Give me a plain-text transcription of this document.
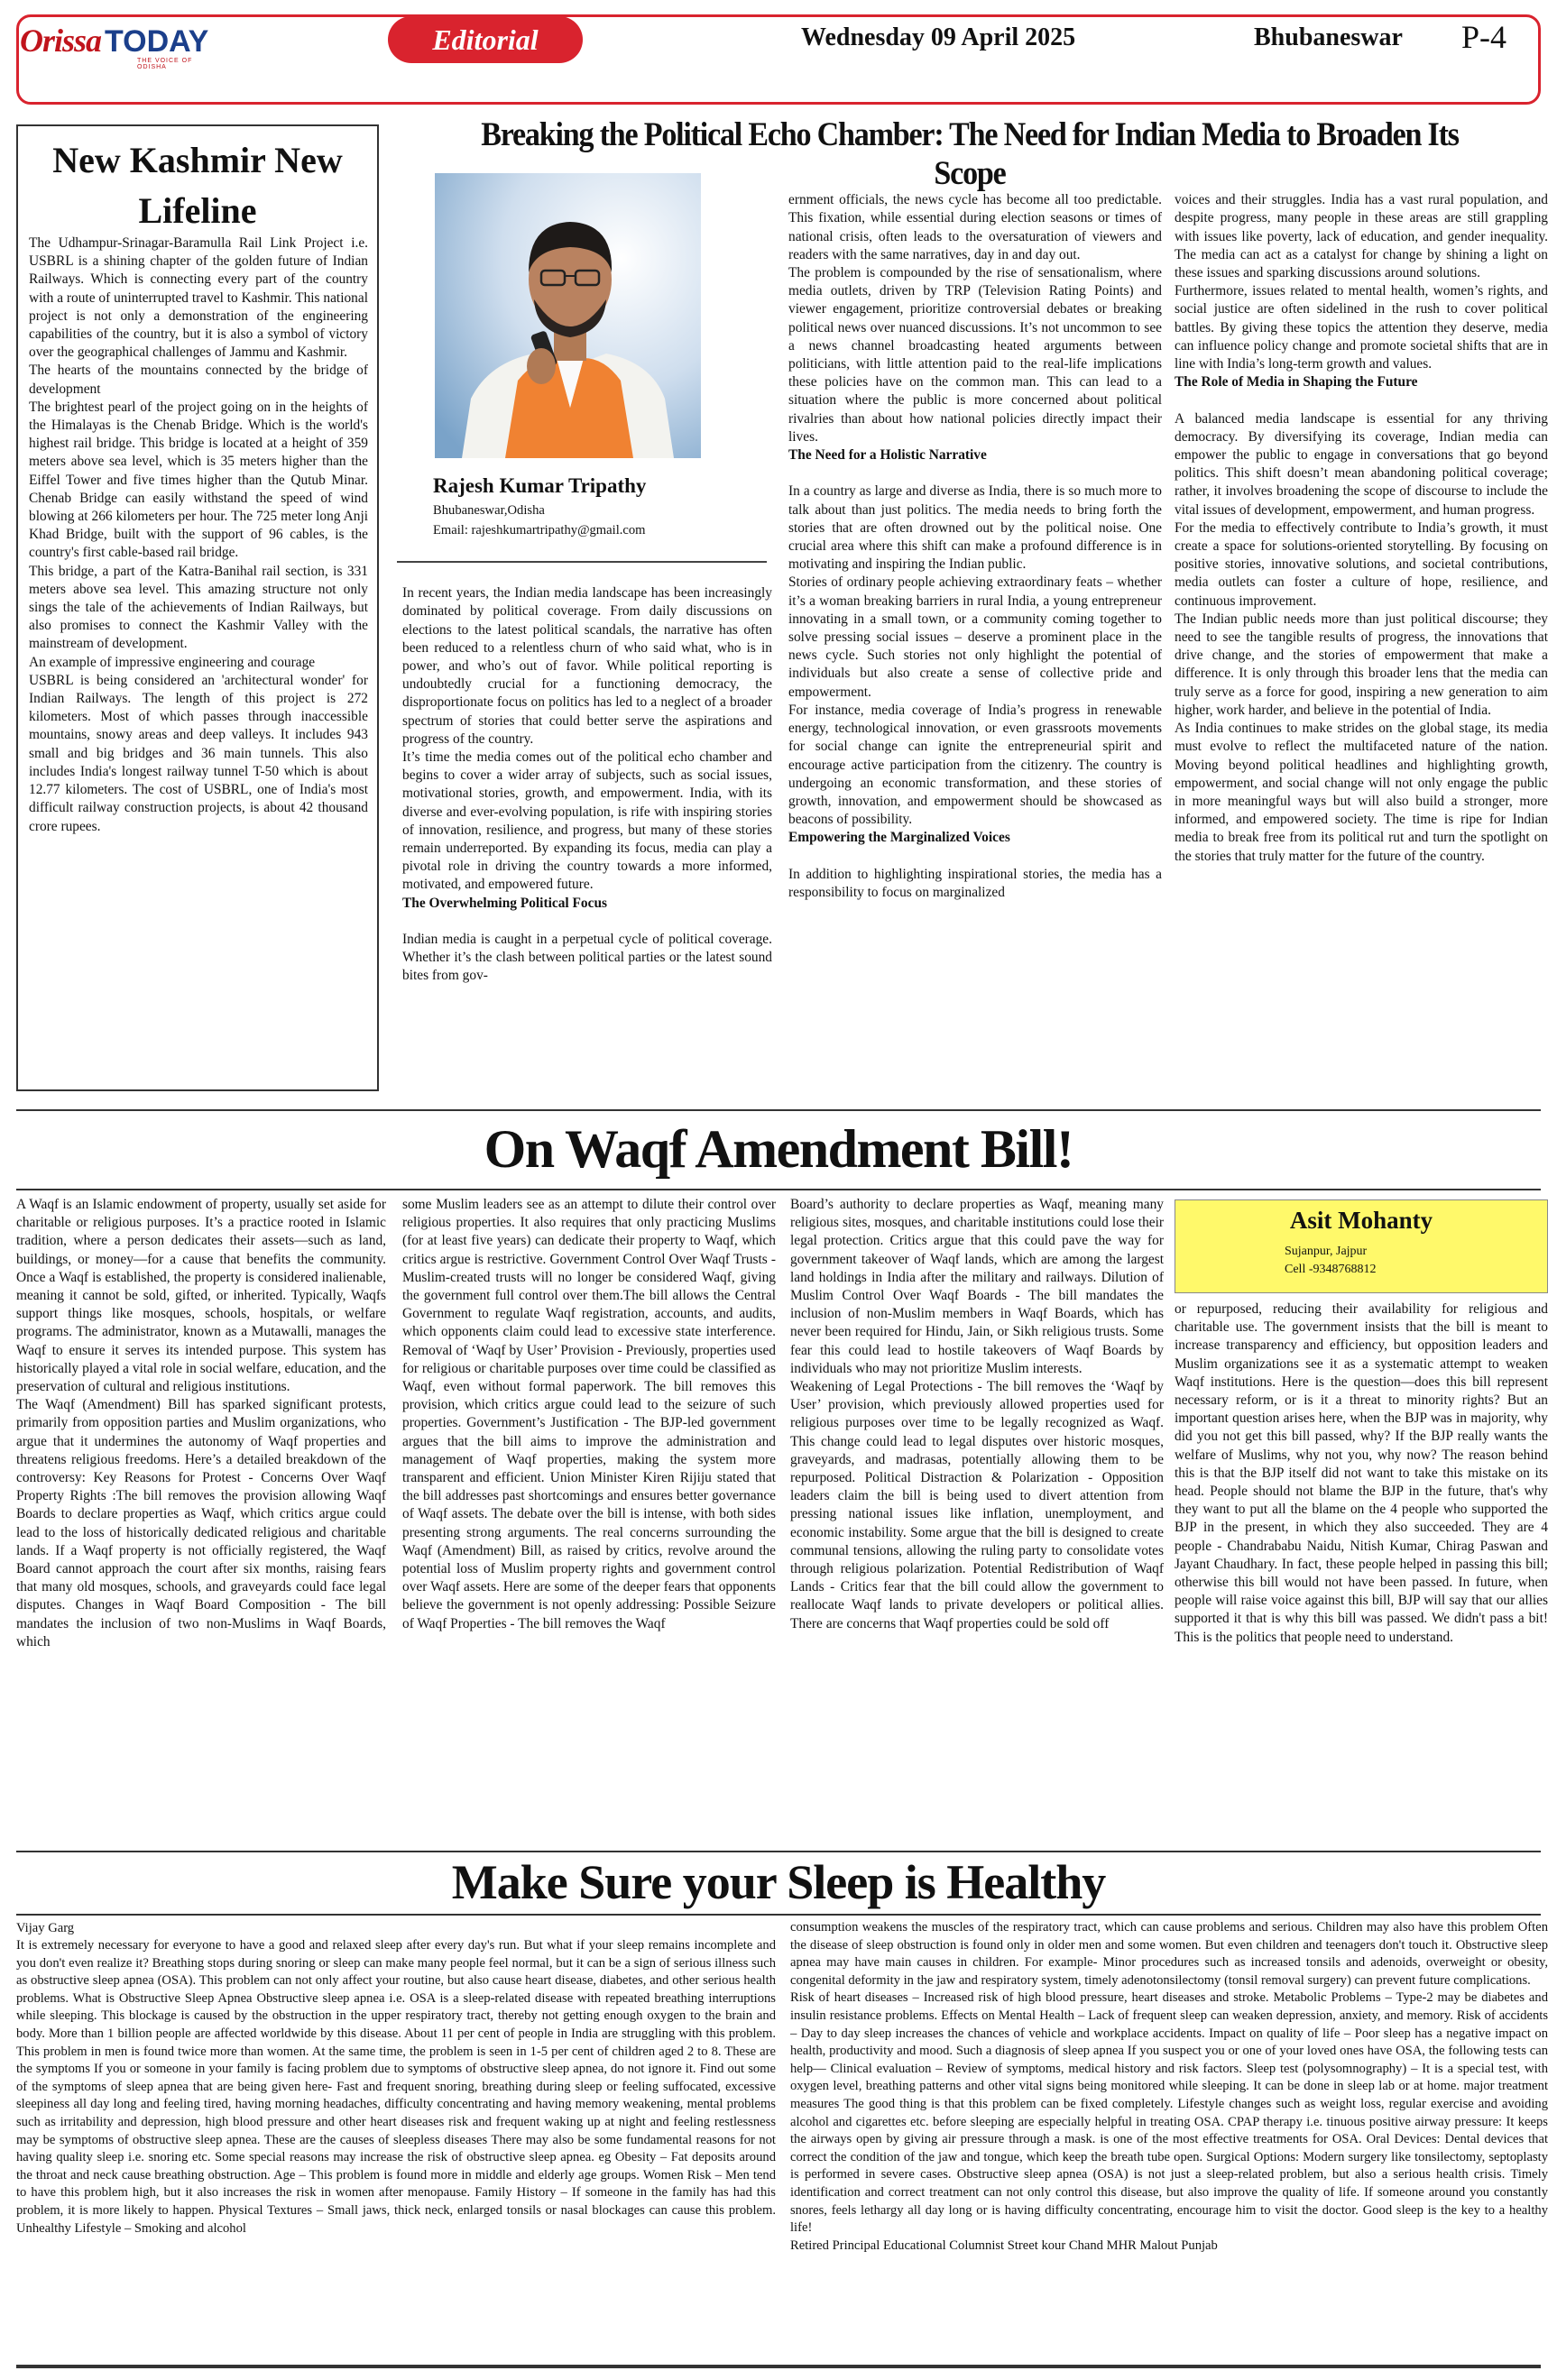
Orissa TODAY
THE VOICE OF ODISHA
Editorial	Wednesday 09 April 2025	Bhubaneswar P-4
New Kashmir New Lifeline
The Udhampur-Srinagar-Baramulla Rail Link Project i.e. USBRL is a shining chapter of the golden future of Indian Railways. Which is connecting every part of the country with a route of uninterrupted travel to Kashmir. This national project is not only a demonstration of the engineering capabilities of the country, but it is also a symbol of victory over the geographical challenges of Jammu and Kashmir.
The hearts of the mountains connected by the bridge of development
The brightest pearl of the project going on in the heights of the Himalayas is the Chenab Bridge. Which is the world's highest rail bridge. This bridge is located at a height of 359 meters above sea level, which is 35 meters higher than the Eiffel Tower and five times higher than the Qutub Minar. Chenab Bridge can easily withstand the speed of wind blowing at 266 kilometers per hour. The 725 meter long Anji Khad Bridge, built with the support of 96 cables, is the country's first cable-based rail bridge.
This bridge, a part of the Katra-Banihal rail section, is 331 meters above sea level. This amazing structure not only sings the tale of the achievements of Indian Railways, but also promises to connect the Kashmir Valley with the mainstream of development.
An example of impressive engineering and courage
USBRL is being considered an 'architectural wonder' for Indian Railways. The length of this project is 272 kilometers. Most of which passes through inaccessible mountains, snowy areas and deep valleys. It includes 943 small and big bridges and 36 main tunnels. This also includes India's longest railway tunnel T-50 which is about 12.77 kilometers. The cost of USBRL, one of India's most difficult railway construction projects, is about 42 thousand crore rupees.
Breaking the Political Echo Chamber: The Need for Indian Media to Broaden Its Scope
Rajesh Kumar Tripathy
Bhubaneswar,Odisha
Email: rajeshkumartripathy@gmail.com

In recent years, the Indian media landscape has been increasingly dominated by political coverage. From daily discussions on elections to the latest political scandals, the narrative has often been reduced to a relentless churn of who said what, who is in power, and who’s out of favor. While political reporting is undoubtedly crucial for a functioning democracy, the disproportionate focus on politics has led to a neglect of a broader spectrum of stories that could better serve the aspirations and progress of the country.
It’s time the media comes out of the political echo chamber and begins to cover a wider array of subjects, such as social issues, motivational stories, growth, and empowerment. India, with its diverse and ever-evolving population, is rife with inspiring stories of innovation, resilience, and progress, but many of these stories remain underreported. By expanding its focus, media can play a pivotal role in driving the country towards a more informed, motivated, and empowered future.

The Overwhelming Political Focus

Indian media is caught in a perpetual cycle of political coverage. Whether it’s the clash between political parties or the latest sound bites from gov-

ernment officials, the news cycle has become all too predictable. This fixation, while essential during election seasons or times of national crisis, often leads to the oversaturation of viewers and readers with the same narratives, day in and day out.
The problem is compounded by the rise of sensationalism, where media outlets, driven by TRP (Television Rating Points) and viewer engagement, prioritize controversial debates or breaking political news over nuanced discussions. It’s not uncommon to see a news channel broadcasting heated arguments between politicians, with little attention paid to the real-life implications these policies have on the common man. This can lead to a situation where the public is more concerned about political rivalries than about how national policies directly impact their lives.

The Need for a Holistic Narrative

In a country as large and diverse as India, there is so much more to talk about than just politics. The media needs to bring forth the stories that are often drowned out by the political noise. One crucial area where this shift can make a profound difference is in motivating and inspiring the Indian public.
Stories of ordinary people achieving extraordinary feats – whether it’s a woman breaking barriers in rural India, a young entrepreneur innovating in a small town, or a community coming together to solve pressing social issues – deserve a prominent place in the news cycle. Such stories not only highlight the potential of individuals but also create a sense of collective pride and empowerment.
For instance, media coverage of India’s progress in renewable energy, technological innovation, or even grassroots movements for social change can ignite the entrepreneurial spirit and encourage active participation from the citizenry. The country is undergoing an economic transformation, and these stories of growth, innovation, and empowerment should be showcased as beacons of possibility.

Empowering the Marginalized Voices

In addition to highlighting inspirational stories, the media has a responsibility to focus on marginalized

voices and their struggles. India has a vast rural population, and despite progress, many people in these areas are still grappling with issues like poverty, lack of education, and gender inequality. The media can act as a catalyst for change by shining a light on these issues and sparking discussions around solutions.
Furthermore, issues related to mental health, women’s rights, and social justice are often sidelined in the rush to cover political battles. By giving these topics the attention they deserve, media can influence policy change and promote societal shifts that are in line with India’s long-term growth and values.

The Role of Media in Shaping the Future

A balanced media landscape is essential for any thriving democracy. By diversifying its coverage, Indian media can empower the public to engage in conversations that go beyond politics. This shift doesn’t mean abandoning political coverage; rather, it involves broadening the scope of discourse to include the vital issues of development, empowerment, and human progress.
For the media to effectively contribute to India’s growth, it must create a space for solutions-oriented storytelling. By focusing on positive stories, innovative solutions, and societal contributions, media outlets can foster a culture of hope, resilience, and continuous improvement.
The Indian public needs more than just political discourse; they need to see the tangible results of progress, the innovations that drive change, and the stories of empowerment that make a difference. It is only through this broader lens that the media can truly serve as a force for good, inspiring a new generation to aim higher, work harder, and believe in the potential of India.
As India continues to make strides on the global stage, its media must evolve to reflect the multifaceted nature of the nation. Moving beyond political headlines and highlighting growth, empowerment, and social change will not only engage the public in more meaningful ways but will also build a stronger, more informed, and empowered society. The time is ripe for Indian media to break free from its political rut and turn the spotlight on the stories that truly matter for the future of the country.

On Waqf Amendment Bill!
A Waqf is an Islamic endowment of property, usually set aside for charitable or religious purposes. It’s a practice rooted in Islamic tradition, where a person dedicates their assets—such as land, buildings, or money—for a cause that benefits the community. Once a Waqf is established, the property is considered inalienable, meaning it cannot be sold, gifted, or inherited. Typically, Waqfs support things like mosques, schools, hospitals, or welfare programs. The administrator, known as a Mutawalli, manages the Waqf to ensure it serves its intended purpose. This system has historically played a vital role in social welfare, education, and the preservation of cultural and religious institutions.
The Waqf (Amendment) Bill has sparked significant protests, primarily from opposition parties and Muslim organizations, who argue that it undermines the autonomy of Waqf properties and threatens religious freedoms. Here’s a detailed breakdown of the controversy: Key Reasons for Protest - Concerns Over Waqf Property Rights :The bill removes the provision allowing Waqf Boards to declare properties as Waqf, which critics argue could lead to the loss of historically dedicated religious and charitable lands. If a Waqf property is not officially registered, the Waqf Board cannot approach the court after six months, raising fears that many old mosques, schools, and graveyards could face legal disputes. Changes in Waqf Board Composition - The bill mandates the inclusion of two non-Muslims in Waqf Boards, which
some Muslim leaders see as an attempt to dilute their control over religious properties. It also requires that only practicing Muslims (for at least five years) can dedicate their property to Waqf, which critics argue is restrictive. Government Control Over Waqf Trusts - Muslim-created trusts will no longer be considered Waqf, giving the government full control over them.The bill allows the Central Government to regulate Waqf registration, accounts, and audits, which opponents claim could lead to excessive state interference. Removal of ‘Waqf by User’ Provision - Previously, properties used for religious or charitable purposes over time could be classified as Waqf, even without formal paperwork. The bill removes this provision, which critics argue could lead to the seizure of such properties. Government’s Justification - The BJP-led government argues that the bill aims to improve the administration and management of Waqf properties, making the system more transparent and efficient. Union Minister Kiren Rijiju stated that the bill addresses past shortcomings and ensures better governance of Waqf assets. The debate over the bill is intense, with both sides presenting strong arguments. The real concerns surrounding the Waqf (Amendment) Bill, as raised by critics, revolve around the potential loss of Muslim property rights and government control over Waqf assets. Here are some of the deeper fears that opponents believe the government is not openly addressing: Possible Seizure of Waqf Properties - The bill removes the Waqf
Board’s authority to declare properties as Waqf, meaning many religious sites, mosques, and charitable institutions could lose their legal protection. Critics argue that this could pave the way for government takeover of Waqf lands, which are among the largest land holdings in India after the military and railways. Dilution of Muslim Control Over Waqf Boards - The bill mandates the inclusion of non-Muslim members in Waqf Boards, which has never been required for Hindu, Jain, or Sikh religious trusts. Some fear this could lead to hostile takeovers of Waqf Boards by individuals who may not prioritize Muslim interests.
Weakening of Legal Protections - The bill removes the ‘Waqf by User’ provision, which previously allowed properties used for religious purposes over time to be legally recognized as Waqf. This change could lead to legal disputes over historic mosques, graveyards, and madrasas, potentially allowing them to be repurposed. Political Distraction & Polarization - Opposition leaders claim the bill is being used to divert attention from pressing national issues like inflation, unemployment, and economic instability. Some argue that the bill is designed to create communal tensions, allowing the ruling party to consolidate votes through religious polarization. Potential Redistribution of Waqf Lands - Critics fear that the bill could allow the government to reallocate Waqf lands to private developers or political allies. There are concerns that Waqf properties could be sold off
Asit Mohanty
Sujanpur, Jajpur
Cell -9348768812
or repurposed, reducing their availability for religious and charitable use. The government insists that the bill is meant to increase transparency and efficiency, but opposition leaders and Muslim organizations see it as a systematic attempt to weaken Waqf institutions. Here is the question—does this bill represent necessary reform, or is it a threat to minority rights? But an important question arises here, when the BJP was in majority, why did you not get this bill passed, why? If the BJP really wants the welfare of Muslims, why not you, why now? The reason behind this is that the BJP itself did not want to take this mistake on its head. People should not blame the BJP in the future, that's why they want to put all the blame on the 4 people who supported the BJP in the present, in which they also succeeded. They are 4 people - Chandrababu Naidu, Nitish Kumar, Chirag Paswan and Jayant Chaudhary. In fact, these people helped in passing this bill; otherwise this bill would not have been passed. In future, when people will raise voice against this bill, BJP will say that our allies supported it that is why this bill was passed. We didn't pass a bit! This is the politics that people need to understand.
Make Sure your Sleep is Healthy
Vijay Garg
It is extremely necessary for everyone to have a good and relaxed sleep after every day's run. But what if your sleep remains incomplete and you don't even realize it? Breathing stops during snoring or sleep can make many people feel normal, but it can be a sign of serious illness such as obstructive sleep apnea (OSA). This problem can not only affect your routine, but also cause heart disease, diabetes, and other serious health problems. What is Obstructive Sleep Apnea Obstructive sleep apnea i.e. OSA is a sleep-related disease with repeated breathing interruptions while sleeping. This blockage is caused by the obstruction in the upper respiratory tract, thereby not getting enough oxygen to the brain and body. More than 1 billion people are affected worldwide by this disease. About 11 per cent of people in India are struggling with this problem. This problem in men is found twice more than women. At the same time, the problem is seen in 1-5 per cent of children aged 2 to 8. These are the symptoms If you or someone in your family is facing problem due to symptoms of obstructive sleep apnea, do not ignore it. Find out some of the symptoms of sleep apnea that are being given here- Fast and frequent snoring, breathing during sleep or feeling suffocated, excessive sleepiness all day long and feeling tired, having morning headaches, difficulty concentrating and having memory weakening, mental problems such as irritability and depression, high blood pressure and other heart diseases risk and frequent waking up at night and feeling restlessness may be symptoms of obstructive sleep apnea. These are the causes of sleepless diseases There may also be some fundamental reasons for not having quality sleep i.e. snoring etc. Some special reasons may increase the risk of obstructive sleep apnea. eg Obesity – Fat deposits around the throat and neck cause breathing obstruction. Age – This problem is found more in middle and elderly age groups. Women Risk – Men tend to have this problem high, but it also increases the risk in women after menopause. Family History – If someone in the family has had this problem, it is more likely to happen. Physical Textures – Small jaws, thick neck, enlarged tonsils or nasal blockages can cause this problem. Unhealthy Lifestyle – Smoking and alcohol
consumption weakens the muscles of the respiratory tract, which can cause problems and serious. Children may also have this problem Often the disease of sleep obstruction is found only in older men and some women. But even children and teenagers don't touch it. Obstructive sleep apnea may have main causes in children. For example- Minor procedures such as increased tonsils and adenoids, overweight or obesity, congenital deformity in the jaw and respiratory system, timely adenotonsilectomy (tonsil removal surgery) can prevent future complications.
Risk of heart diseases – Increased risk of high blood pressure, heart diseases and stroke. Metabolic Problems – Type-2 may be diabetes and insulin resistance problems. Effects on Mental Health – Lack of frequent sleep can weaken depression, anxiety, and memory. Risk of accidents – Day to day sleep increases the chances of vehicle and workplace accidents. Impact on quality of life – Poor sleep has a negative impact on health, productivity and mood. Such a diagnosis of sleep apnea If you suspect you or one of your loved ones have OSA, the following tests can help— Clinical evaluation – Review of symptoms, medical history and risk factors. Sleep test (polysomnography) – It is a special test, with oxygen level, breathing patterns and other vital signs being monitored while sleeping. It can be done in sleep lab or at home. major treatment measures The good thing is that this problem can be fixed completely. Lifestyle changes such as weight loss, regular exercise and avoiding alcohol and cigarettes etc. before sleeping are especially helpful in treating OSA. CPAP therapy i.e. tinuous positive airway pressure: It keeps the airways open by giving air pressure through a mask. is one of the most effective treatments for OSA. Oral Devices: Dental devices that correct the condition of the jaw and tongue, which keep the breath tube open. Surgical Options: Modern surgery like tonsilectomy, septoplasty is performed in severe cases. Obstructive sleep apnea (OSA) is not just a sleep-related problem, but also a serious health crisis. Timely identification and correct treatment can not only control this disease, but also improve the quality of life. If someone around you constantly snores, feels lethargy all day long or is having difficulty concentrating, encourage him to visit the doctor. Good sleep is the key to a healthy life!
Retired Principal Educational Columnist Street kour Chand MHR Malout Punjab
